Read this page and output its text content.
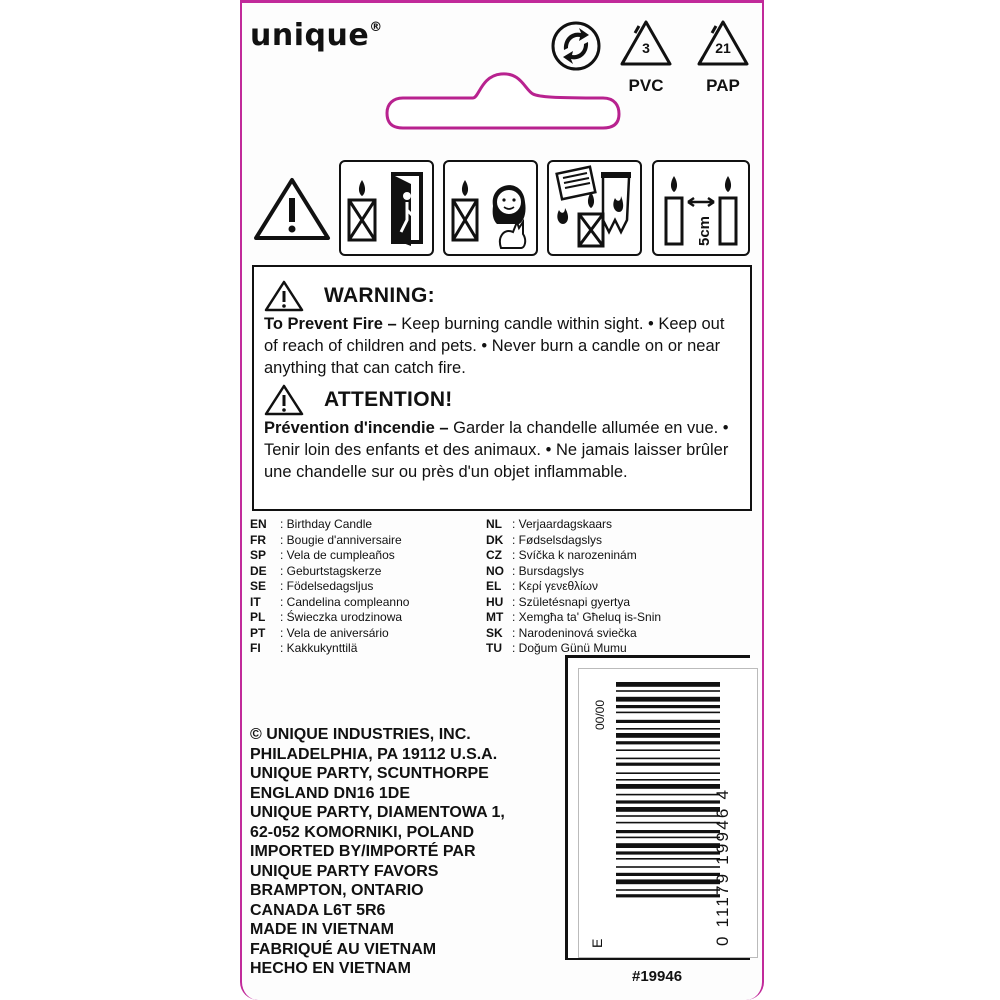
unique®
3
PVC
21
PAP
5cm
WARNING:
To Prevent Fire – Keep burning candle within sight. • Keep out of reach of children and pets. • Never burn a candle on or near anything that can catch fire.
ATTENTION!
Prévention d'incendie – Garder la chandelle allumée en vue. • Tenir loin des enfants et des animaux. • Ne jamais laisser brûler une chandelle sur ou près d'un objet inflammable.
EN : Birthday Candle
FR : Bougie d'anniversaire
SP : Vela de cumpleaños
DE : Geburtstagskerze
SE : Födelsedagsljus
IT : Candelina compleanno
PL : Świeczka urodzinowa
PT : Vela de aniversário
FI : Kakkukynttilä
NL : Verjaardagskaars
DK : Fødselsdagslys
CZ : Svíčka k narozeninám
NO : Bursdagslys
EL : Κερί γενεθλίων
HU : Születésnapi gyertya
MT : Xemgħa ta' Għeluq is-Snin
SK : Narodeninová sviečka
TU : Doğum Günü Mumu
© UNIQUE INDUSTRIES, INC.
PHILADELPHIA, PA 19112 U.S.A.
UNIQUE PARTY, SCUNTHORPE
ENGLAND DN16 1DE
UNIQUE PARTY, DIAMENTOWA 1,
62-052 KOMORNIKI, POLAND
IMPORTED BY/IMPORTÉ PAR
UNIQUE PARTY FAVORS
BRAMPTON, ONTARIO
CANADA L6T 5R6
MADE IN VIETNAM
FABRIQUÉ AU VIETNAM
HECHO EN VIETNAM
0 11179 19946 4
00/00
E
#19946
